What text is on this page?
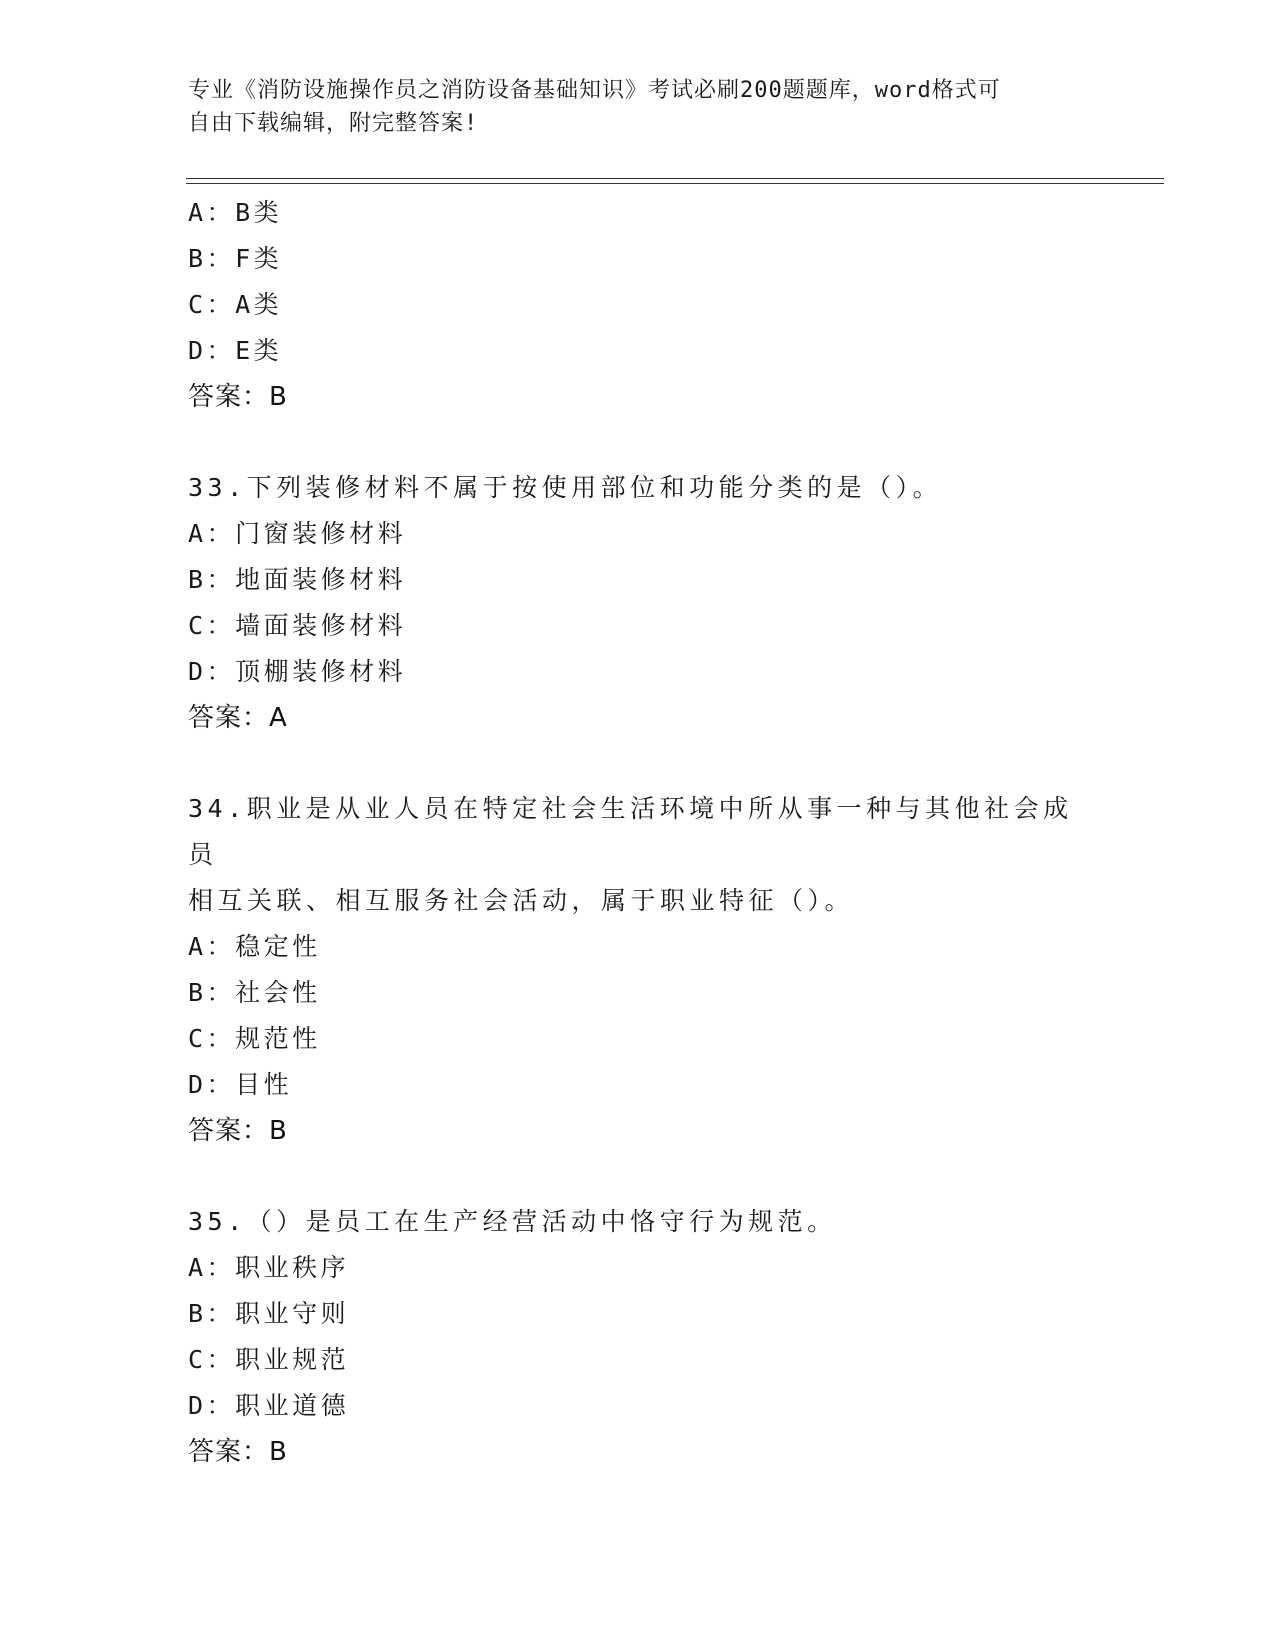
专业《消防设施操作员之消防设备基础知识》考试必刷200题题库，word格式可
自由下载编辑，附完整答案!
A：B类
B：F类
C：A类
D：E类
答案：B
33.下列装修材料不属于按使用部位和功能分类的是（）。
A：门窗装修材料
B：地面装修材料
C：墙面装修材料
D：顶棚装修材料
答案：A
34.职业是从业人员在特定社会生活环境中所从事一种与其他社会成员
相互关联、相互服务社会活动，属于职业特征（）。
A：稳定性
B：社会性
C：规范性
D：目性
答案：B
35.（）是员工在生产经营活动中恪守行为规范。
A：职业秩序
B：职业守则
C：职业规范
D：职业道德
答案：B
